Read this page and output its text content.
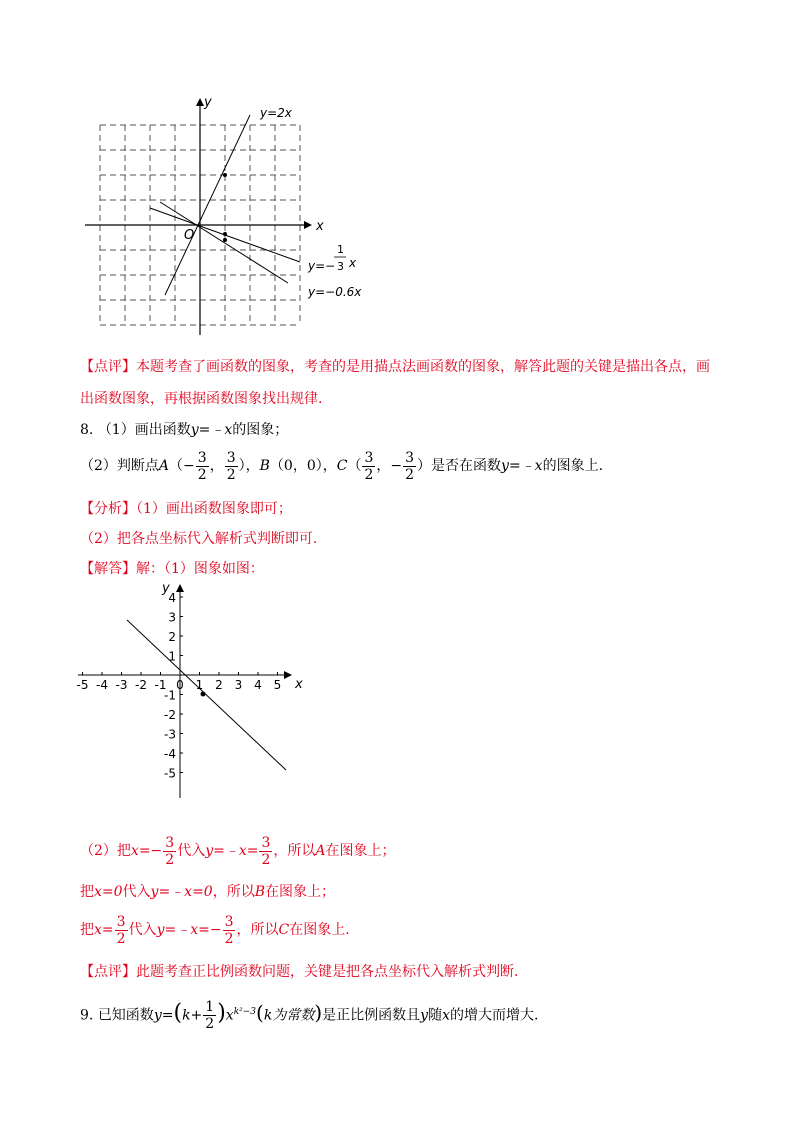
y
x
O
y=2x
y=−
1
3 x
y=−0.6x
【点评】本题考查了画函数的图象，考查的是用描点法画函数的图象，解答此题的关键是描出各点，画
出函数图象，再根据函数图象找出规律.
8. （1）画出函数y=﹣x的图象；
（2）判断点$A(- \frac{3}{2}$ ， $\frac{3}{2}$ ），B（0，0），$C( \frac{3}{2}$ ，− $\frac{3}{2}$ ）是否在函数y=﹣x的图象上.
【分析】（1）画出函数图象即可；
（2）把各点坐标代入解析式判断即可.
【解答】解：（1）图象如图：
-5 -4 -3 -2 -1 0 1 2 3 4 5
4
3
2
1
-1
-2
-3
-4
-5
y
x
（2）把$x=- \frac{3}{2}$ 代入y=﹣x= $\frac{3}{2}$ ，所以A在图象上；
把x=0代入y=﹣x=0，所以B在图象上；
把$x= \frac{3}{2}$ 代入y=﹣x=− $\frac{3}{2}$ ，所以C在图象上.
【点评】此题考查正比例函数问题，关键是把各点坐标代入解析式判断.
9. 已知函数$y=(k+ \frac{1}{2} )x^{k^2-3}(k$为常数)是正比例函数且y随x的增大而增大.
